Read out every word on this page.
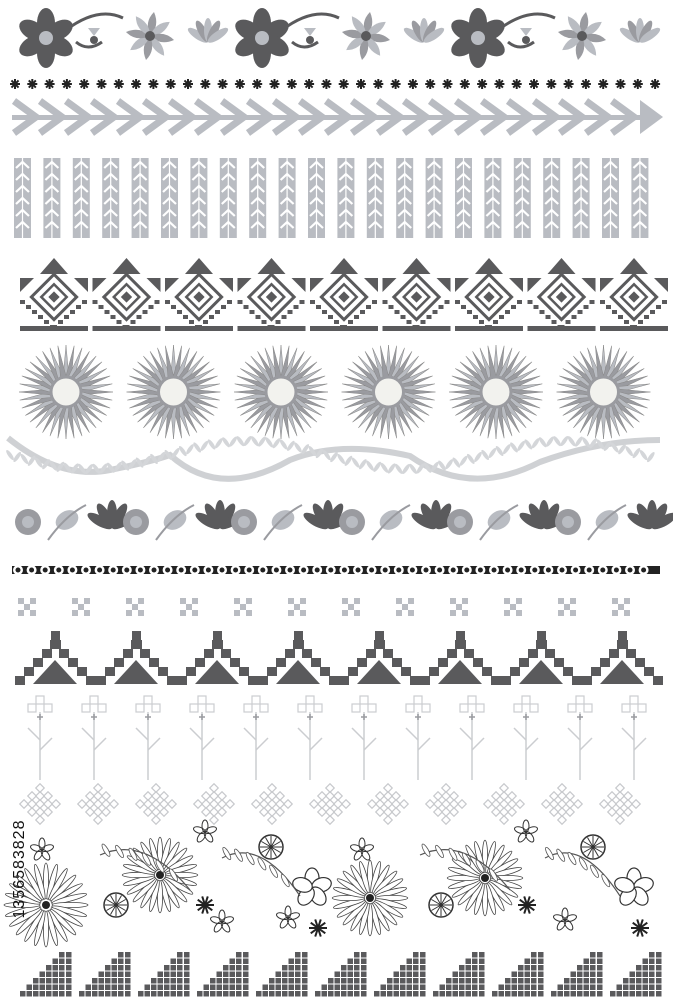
1356583828
